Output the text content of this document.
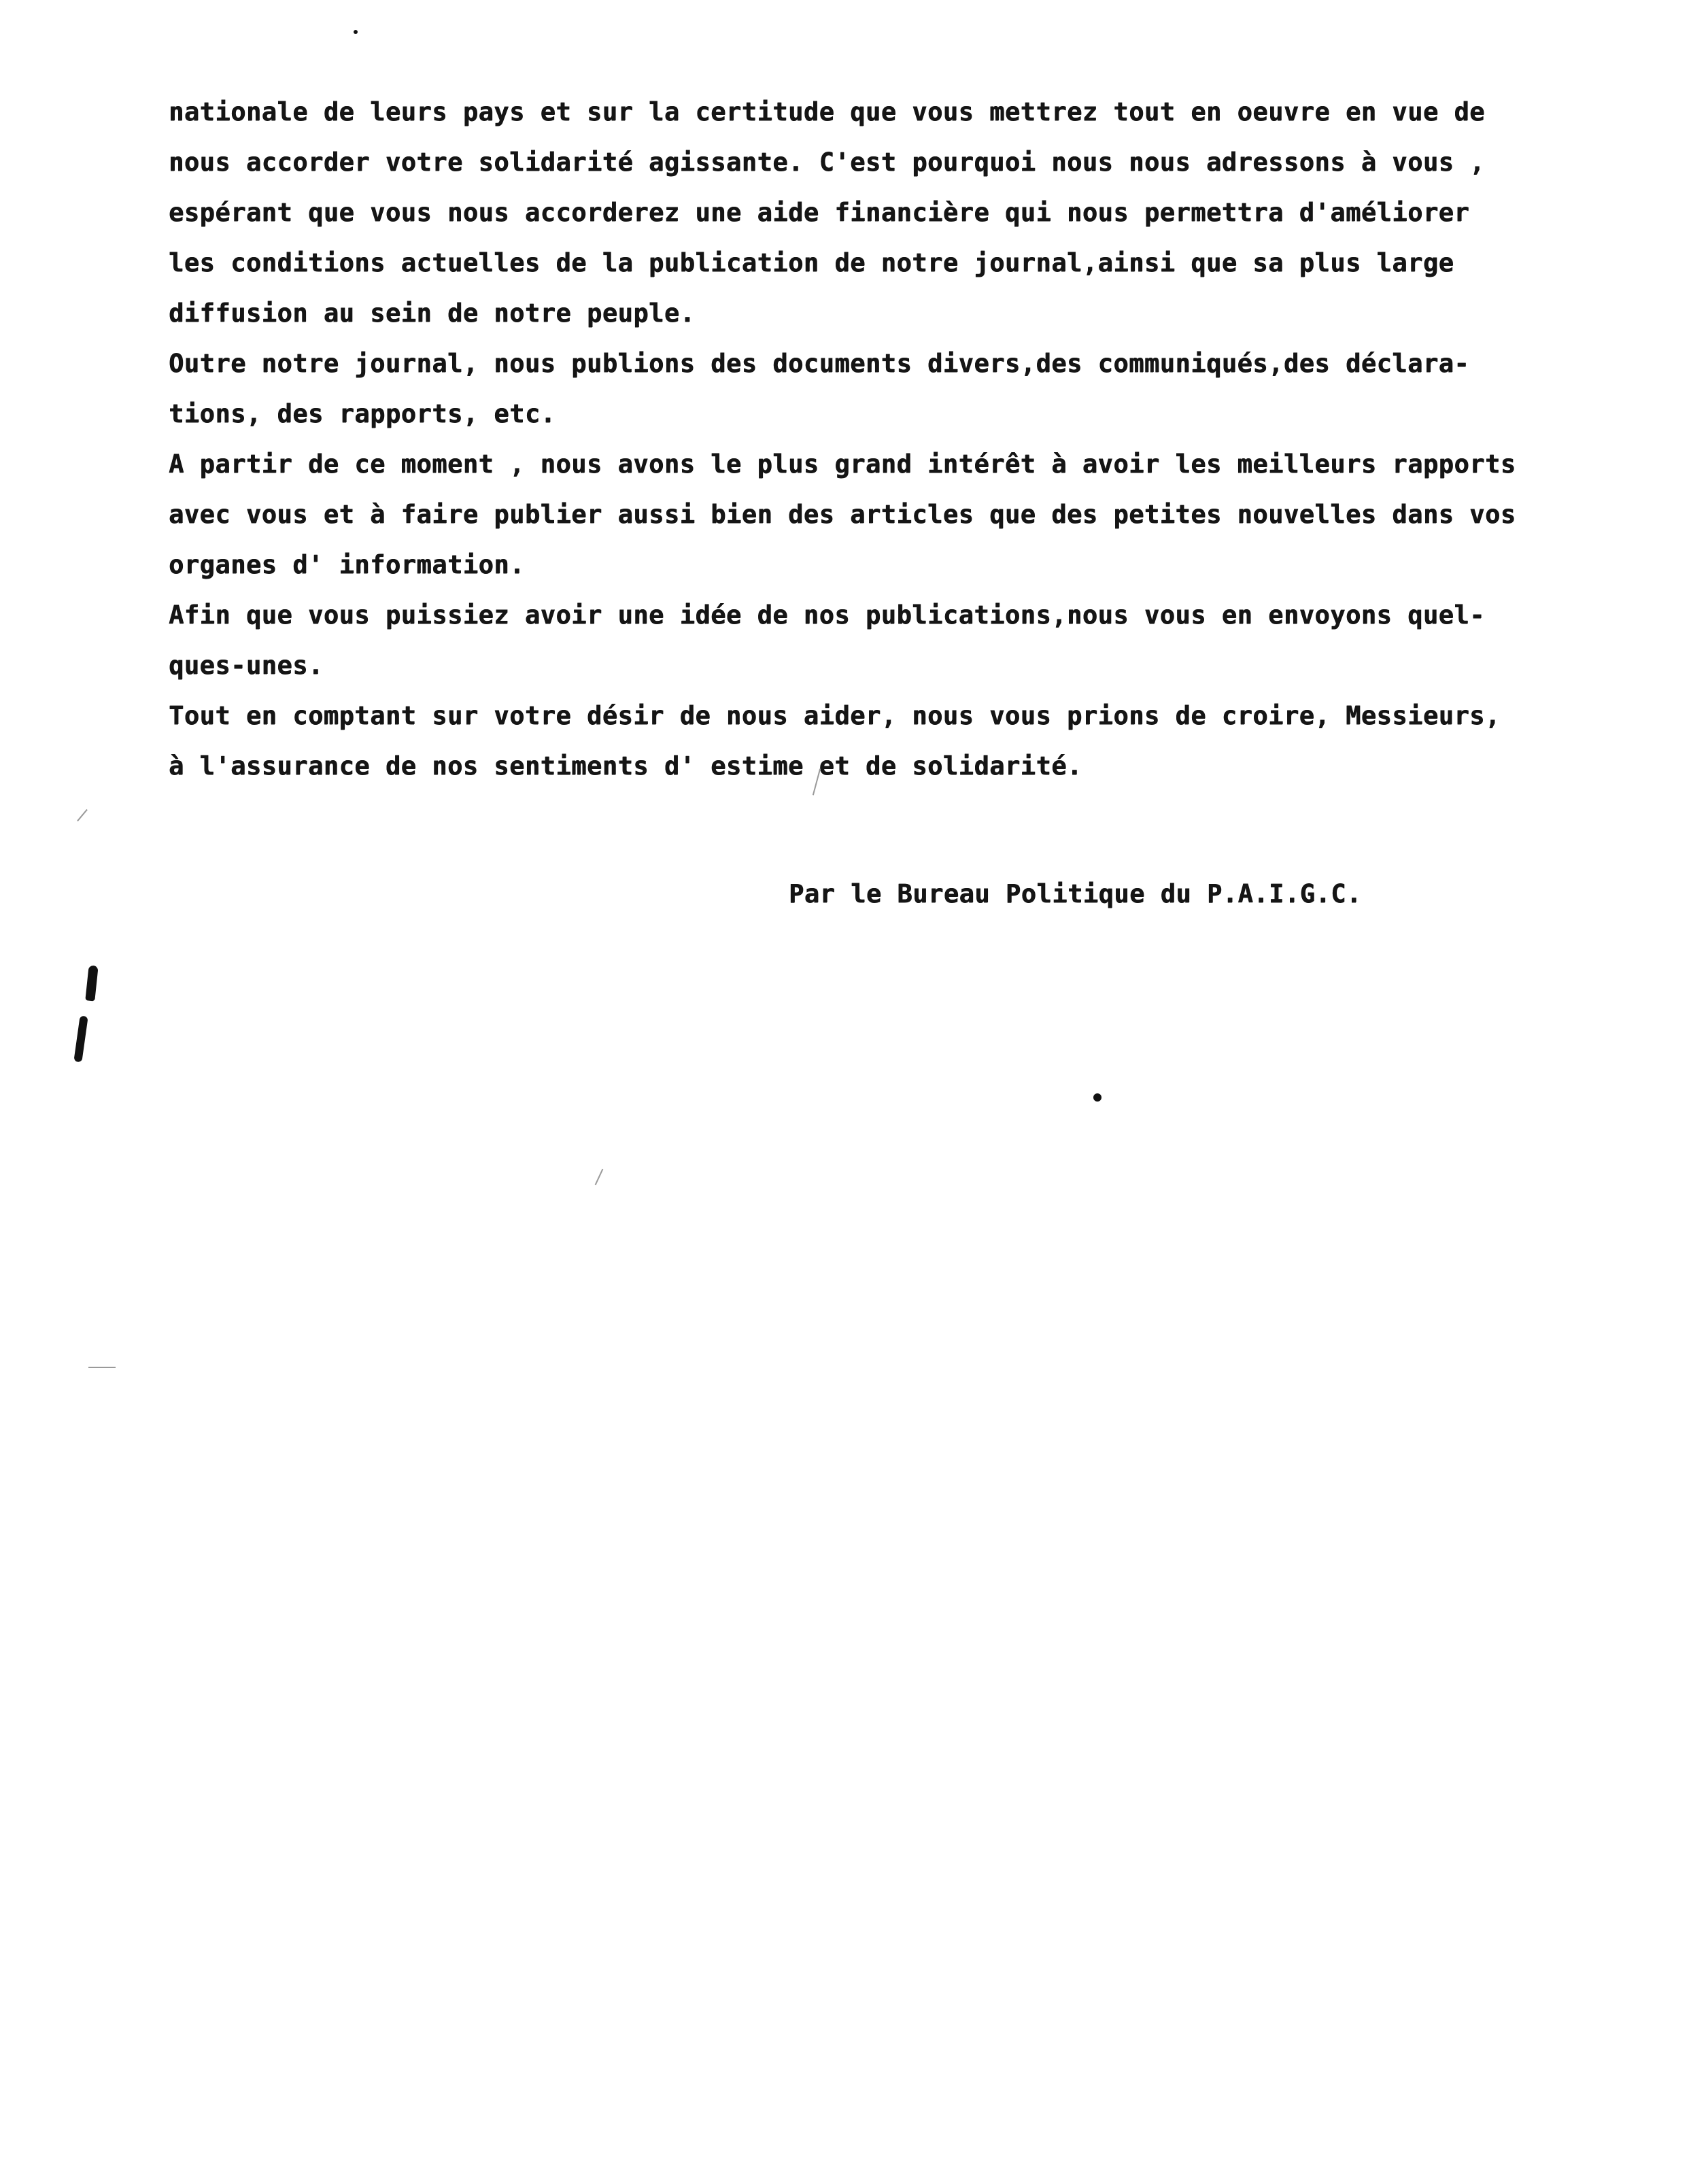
nationale de leurs pays et sur la certitude que vous mettrez tout en oeuvre en vue de
nous accorder votre solidarité agissante. C'est pourquoi nous nous adressons à vous ,
espérant que vous nous accorderez une aide financière qui nous permettra d'améliorer
les conditions actuelles de la publication de notre journal,ainsi que sa plus large
diffusion au sein de notre peuple.
Outre notre journal, nous publions des documents divers,des communiqués,des déclara-
tions, des rapports, etc.
A partir de ce moment , nous avons le plus grand intérêt à avoir les meilleurs rapports
avec vous et à faire publier aussi bien des articles que des petites nouvelles dans vos
organes d' information.
Afin que vous puissiez avoir une idée de nos publications,nous vous en envoyons quel-
ques-unes.
Tout en comptant sur votre désir de nous aider, nous vous prions de croire, Messieurs,
à l'assurance de nos sentiments d' estime et de solidarité.
Par le Bureau Politique du P.A.I.G.C.
